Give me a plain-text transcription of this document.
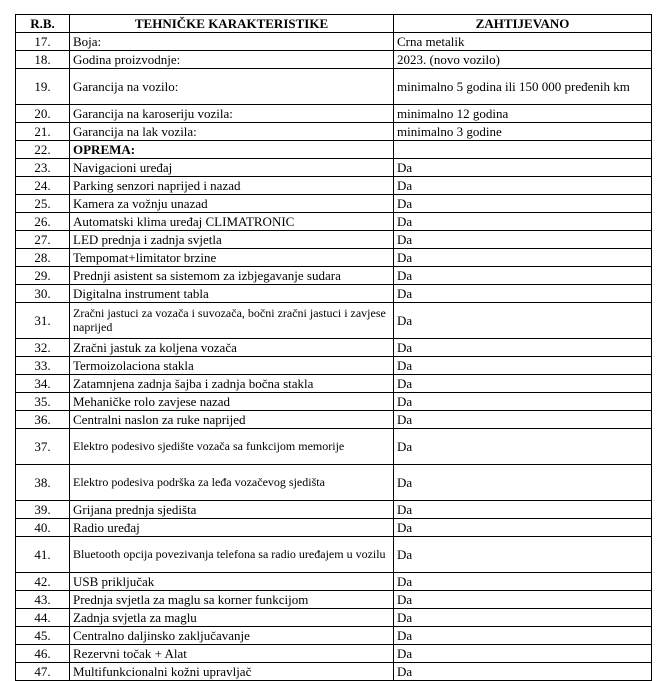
R.B.	TEHNIČKE KARAKTERISTIKE	ZAHTIJEVANO
17.	Boja:	Crna metalik
18.	Godina proizvodnje:	2023. (novo vozilo)
19.	Garancija na vozilo:	minimalno 5 godina ili 150 000 pređenih km
20.	Garancija na karoseriju vozila:	minimalno 12 godina
21.	Garancija na lak vozila:	minimalno 3 godine
22.	OPREMA:	
23.	Navigacioni uređaj	Da
24.	Parking senzori naprijed i nazad	Da
25.	Kamera za vožnju unazad	Da
26.	Automatski klima uređaj CLIMATRONIC	Da
27.	LED prednja i zadnja svjetla	Da
28.	Tempomat+limitator brzine	Da
29.	Prednji asistent sa sistemom za izbjegavanje sudara	Da
30.	Digitalna instrument tabla	Da
31.	Zračni jastuci za vozača i suvozača, bočni zračni jastuci i zavjese naprijed	Da
32.	Zračni jastuk za koljena vozača	Da
33.	Termoizolaciona stakla	Da
34.	Zatamnjena zadnja šajba i zadnja bočna stakla	Da
35.	Mehaničke rolo zavjese nazad	Da
36.	Centralni naslon za ruke naprijed	Da
37.	Elektro podesivo sjedište vozača sa funkcijom memorije	Da
38.	Elektro podesiva podrška za leđa vozačevog sjedišta	Da
39.	Grijana prednja sjedišta	Da
40.	Radio uređaj	Da
41.	Bluetooth opcija povezivanja telefona sa radio uređajem u vozilu	Da
42.	USB priključak	Da
43.	Prednja svjetla za maglu sa korner funkcijom	Da
44.	Zadnja svjetla za maglu	Da
45.	Centralno daljinsko zaključavanje	Da
46.	Rezervni točak + Alat	Da
47.	Multifunkcionalni kožni upravljač	Da
